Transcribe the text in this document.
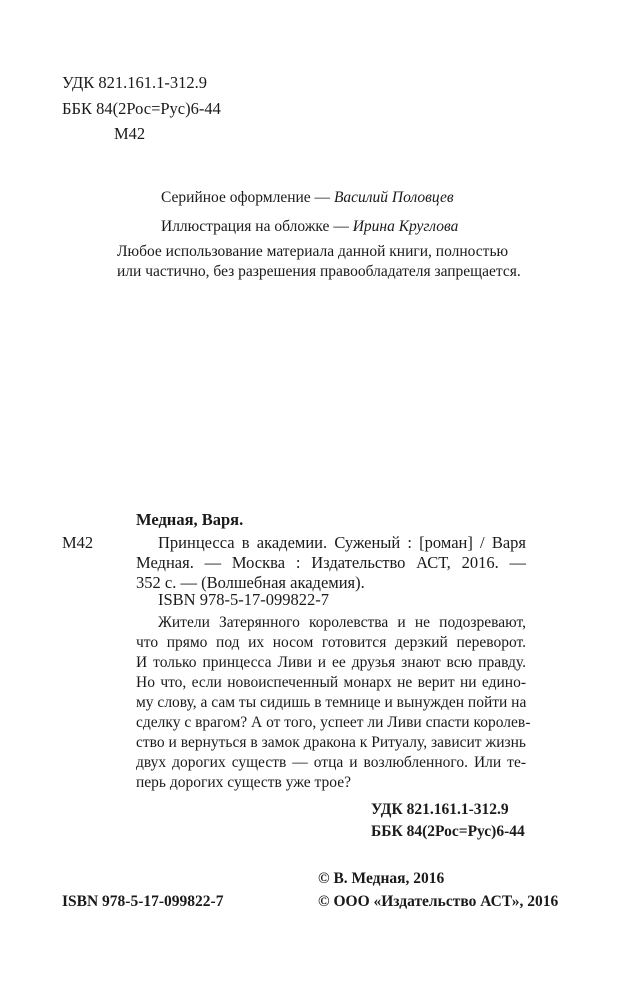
УДК 821.161.1-312.9
ББК 84(2Рос=Рус)6-44
М42
Серийное оформление — Василий Половцев
Иллюстрация на обложке — Ирина Круглова
Любое использование материала данной книги, полностью
или частично, без разрешения правообладателя запрещается.
Медная, Варя.
М42	Принцесса в академии. Суженый : [роман] / Варя
Медная. — Москва : Издательство АСТ, 2016. —
352 с. — (Волшебная академия).
ISBN 978-5-17-099822-7
Жители Затерянного королевства и не подозревают,
что прямо под их носом готовится дерзкий переворот.
И только принцесса Ливи и ее друзья знают всю правду.
Но что, если новоиспеченный монарх не верит ни едино-
му слову, а сам ты сидишь в темнице и вынужден пойти на
сделку с врагом? А от того, успеет ли Ливи спасти королев-
ство и вернуться в замок дракона к Ритуалу, зависит жизнь
двух дорогих существ — отца и возлюбленного. Или те-
перь дорогих существ уже трое?
УДК 821.161.1-312.9
ББК 84(2Рос=Рус)6-44
© В. Медная, 2016
ISBN 978-5-17-099822-7	© ООО «Издательство АСТ», 2016
